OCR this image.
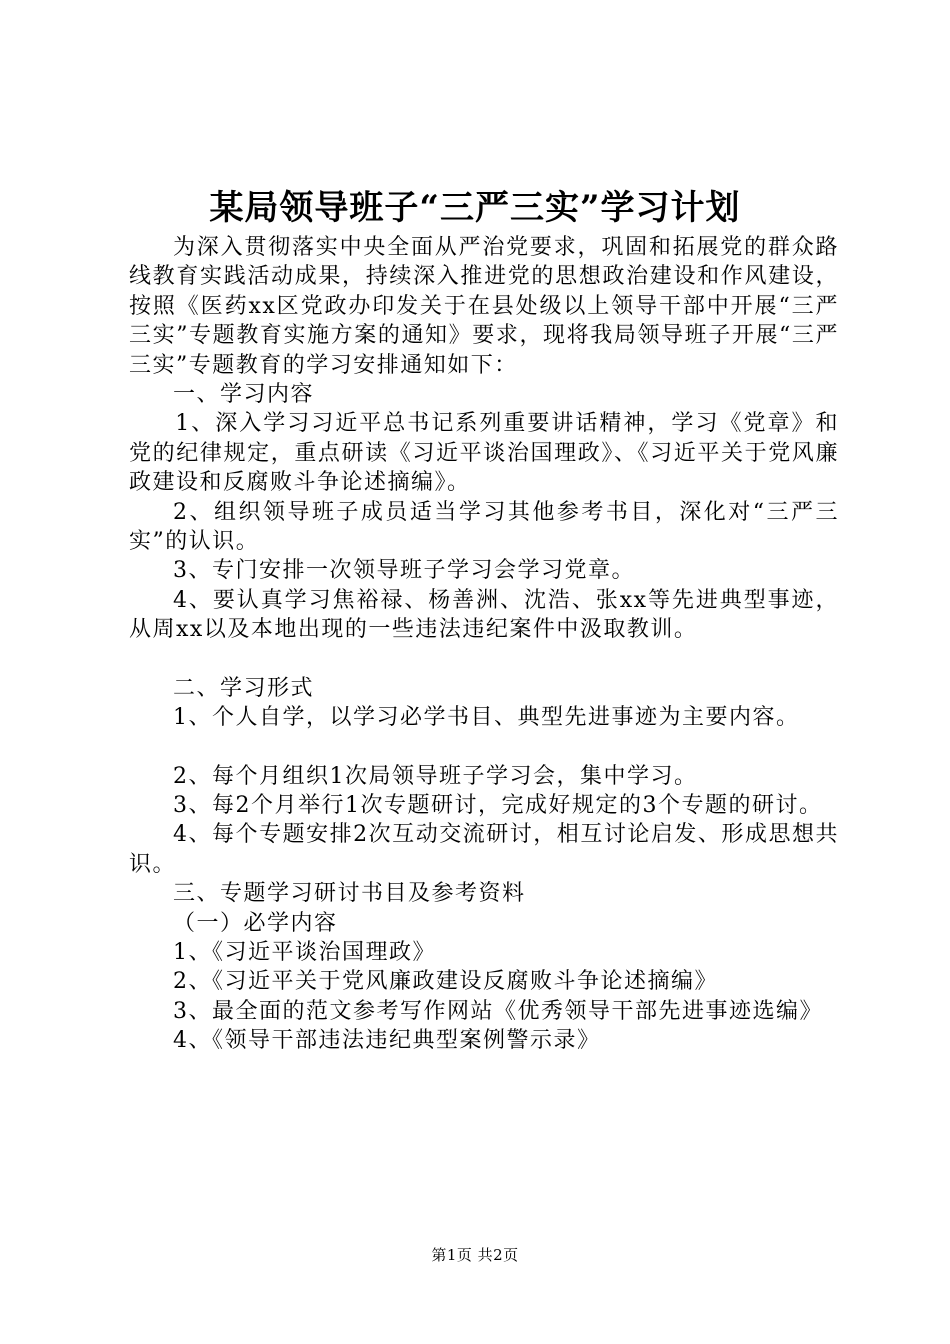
某局领导班子“三严三实”学习计划

为深入贯彻落实中央全面从严治党要求，巩固和拓展党的群众路线教育实践活动成果，持续深入推进党的思想政治建设和作风建设，按照《医药xx区党政办印发关于在县处级以上领导干部中开展“三严三实”专题教育实施方案的通知》要求，现将我局领导班子开展“三严三实”专题教育的学习安排通知如下：

一、学习内容

1、深入学习习近平总书记系列重要讲话精神，学习《党章》和党的纪律规定，重点研读《习近平谈治国理政》、《习近平关于党风廉政建设和反腐败斗争论述摘编》。

2、组织领导班子成员适当学习其他参考书目，深化对“三严三实”的认识。

3、专门安排一次领导班子学习会学习党章。

4、要认真学习焦裕禄、杨善洲、沈浩、张xx等先进典型事迹，从周xx以及本地出现的一些违法违纪案件中汲取教训。

二、学习形式

1、个人自学，以学习必学书目、典型先进事迹为主要内容。

2、每个月组织1次局领导班子学习会，集中学习。

3、每2个月举行1次专题研讨，完成好规定的3个专题的研讨。

4、每个专题安排2次互动交流研讨，相互讨论启发、形成思想共识。

三、专题学习研讨书目及参考资料

（一）必学内容

1、《习近平谈治国理政》

2、《习近平关于党风廉政建设反腐败斗争论述摘编》

3、最全面的范文参考写作网站《优秀领导干部先进事迹选编》

4、《领导干部违法违纪典型案例警示录》

第1页 共2页
